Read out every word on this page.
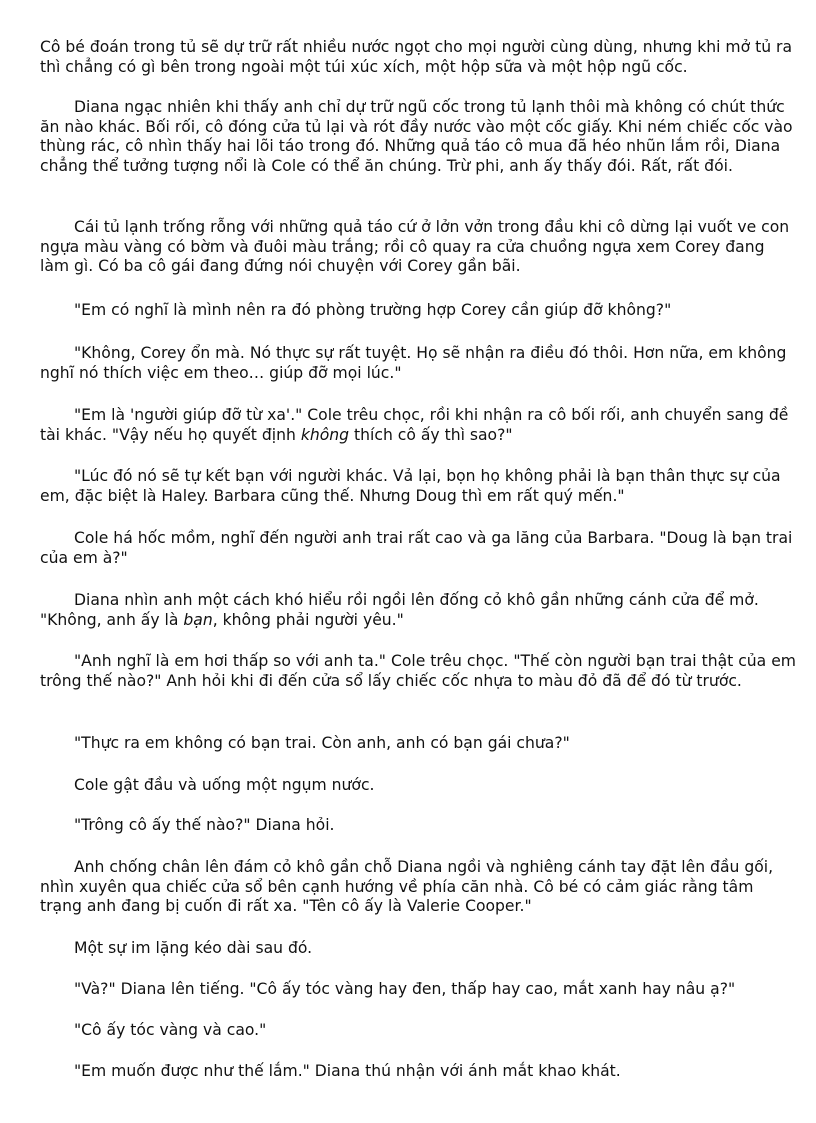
Cô bé đoán trong tủ sẽ dự trữ rất nhiều nước ngọt cho mọi người cùng dùng, nhưng khi mở tủ ra thì chẳng có gì bên trong ngoài một túi xúc xích, một hộp sữa và một hộp ngũ cốc.

Diana ngạc nhiên khi thấy anh chỉ dự trữ ngũ cốc trong tủ lạnh thôi mà không có chút thức ăn nào khác. Bối rối, cô đóng cửa tủ lại và rót đầy nước vào một cốc giấy. Khi ném chiếc cốc vào thùng rác, cô nhìn thấy hai lõi táo trong đó. Những quả táo cô mua đã héo nhũn lắm rồi, Diana chẳng thể tưởng tượng nổi là Cole có thể ăn chúng. Trừ phi, anh ấy thấy đói. Rất, rất đói.

Cái tủ lạnh trống rỗng với những quả táo cứ ở lởn vởn trong đầu khi cô dừng lại vuốt ve con ngựa màu vàng có bờm và đuôi màu trắng; rồi cô quay ra cửa chuồng ngựa xem Corey đang làm gì. Có ba cô gái đang đứng nói chuyện với Corey gần bãi.

"Em có nghĩ là mình nên ra đó phòng trường hợp Corey cần giúp đỡ không?"

"Không, Corey ổn mà. Nó thực sự rất tuyệt. Họ sẽ nhận ra điều đó thôi. Hơn nữa, em không nghĩ nó thích việc em theo… giúp đỡ mọi lúc."

"Em là 'người giúp đỡ từ xa'." Cole trêu chọc, rồi khi nhận ra cô bối rối, anh chuyển sang đề tài khác. "Vậy nếu họ quyết định không thích cô ấy thì sao?"

"Lúc đó nó sẽ tự kết bạn với người khác. Vả lại, bọn họ không phải là bạn thân thực sự của em, đặc biệt là Haley. Barbara cũng thế. Nhưng Doug thì em rất quý mến."

Cole há hốc mồm, nghĩ đến người anh trai rất cao và ga lăng của Barbara. "Doug là bạn trai của em à?"

Diana nhìn anh một cách khó hiểu rồi ngồi lên đống cỏ khô gần những cánh cửa để mở. "Không, anh ấy là bạn, không phải người yêu."

"Anh nghĩ là em hơi thấp so với anh ta." Cole trêu chọc. "Thế còn người bạn trai thật của em trông thế nào?" Anh hỏi khi đi đến cửa sổ lấy chiếc cốc nhựa to màu đỏ đã để đó từ trước.

"Thực ra em không có bạn trai. Còn anh, anh có bạn gái chưa?"

Cole gật đầu và uống một ngụm nước.

"Trông cô ấy thế nào?" Diana hỏi.

Anh chống chân lên đám cỏ khô gần chỗ Diana ngồi và nghiêng cánh tay đặt lên đầu gối, nhìn xuyên qua chiếc cửa sổ bên cạnh hướng về phía căn nhà. Cô bé có cảm giác rằng tâm trạng anh đang bị cuốn đi rất xa. "Tên cô ấy là Valerie Cooper."

Một sự im lặng kéo dài sau đó.

"Và?" Diana lên tiếng. "Cô ấy tóc vàng hay đen, thấp hay cao, mắt xanh hay nâu ạ?"

"Cô ấy tóc vàng và cao."

"Em muốn được như thế lắm." Diana thú nhận với ánh mắt khao khát.
